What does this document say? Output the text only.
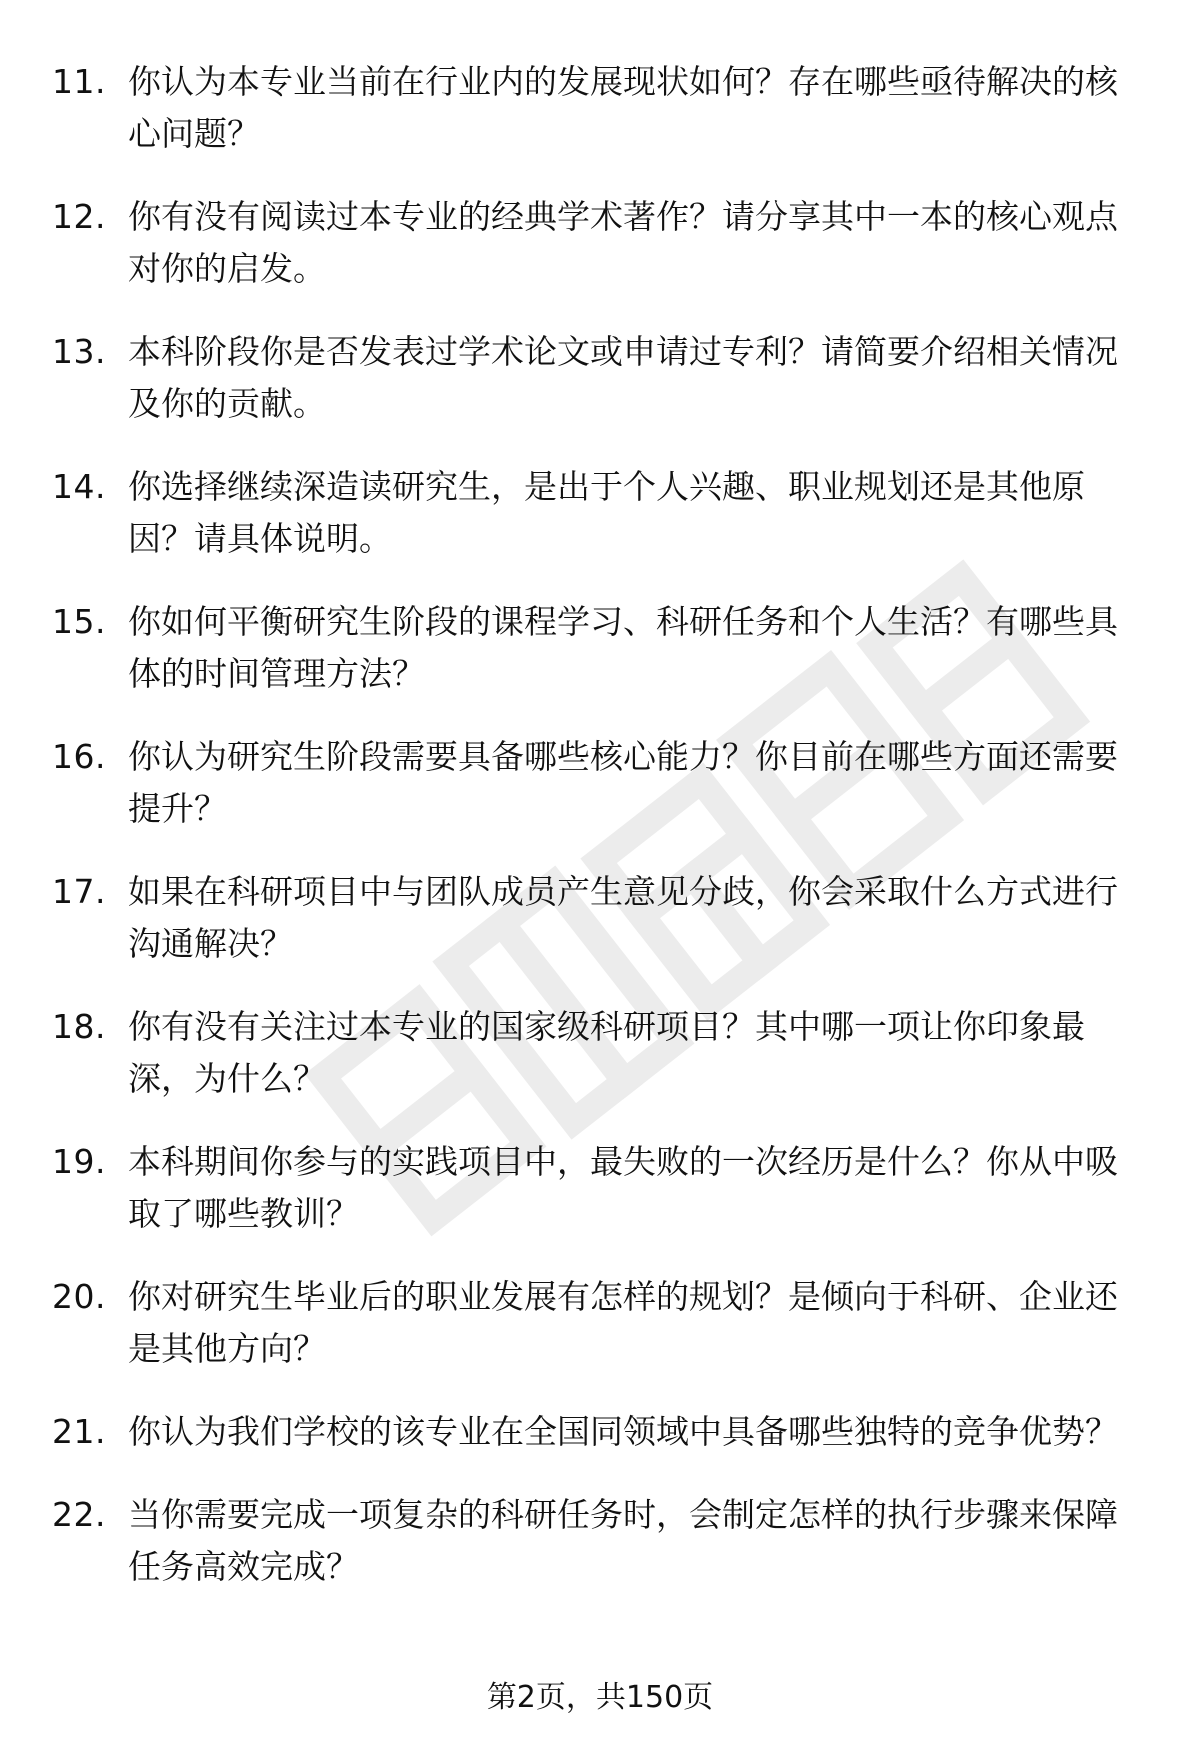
11. 你认为本专业当前在行业内的发展现状如何？存在哪些亟待解决的核心问题？
12. 你有没有阅读过本专业的经典学术著作？请分享其中一本的核心观点对你的启发。
13. 本科阶段你是否发表过学术论文或申请过专利？请简要介绍相关情况及你的贡献。
14. 你选择继续深造读研究生，是出于个人兴趣、职业规划还是其他原因？请具体说明。
15. 你如何平衡研究生阶段的课程学习、科研任务和个人生活？有哪些具体的时间管理方法？
16. 你认为研究生阶段需要具备哪些核心能力？你目前在哪些方面还需要提升？
17. 如果在科研项目中与团队成员产生意见分歧，你会采取什么方式进行沟通解决？
18. 你有没有关注过本专业的国家级科研项目？其中哪一项让你印象最深，为什么？
19. 本科期间你参与的实践项目中，最失败的一次经历是什么？你从中吸取了哪些教训？
20. 你对研究生毕业后的职业发展有怎样的规划？是倾向于科研、企业还是其他方向？
21. 你认为我们学校的该专业在全国同领域中具备哪些独特的竞争优势？
22. 当你需要完成一项复杂的科研任务时，会制定怎样的执行步骤来保障任务高效完成？
第2页，共150页
